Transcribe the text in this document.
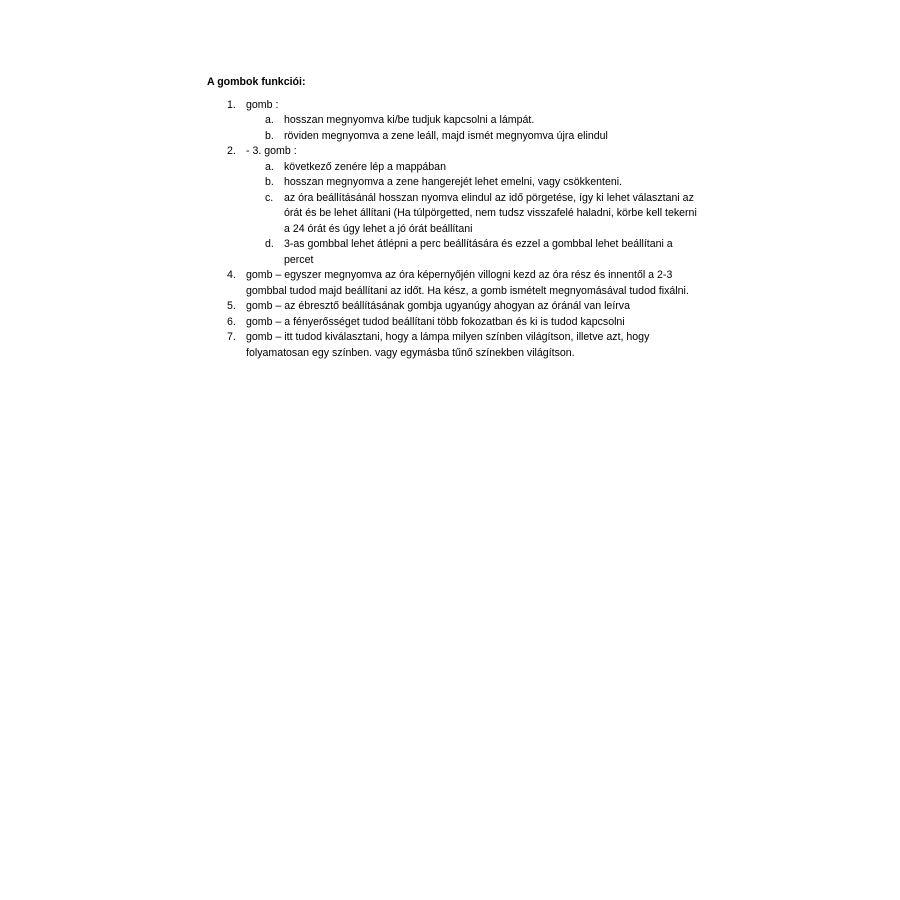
A gombok funkciói:
1. gomb :
a. hosszan megnyomva ki/be tudjuk kapcsolni a lámpát.
b. röviden megnyomva a zene leáll, majd ismét megnyomva újra elindul
2. - 3. gomb :
a. következő zenére lép a mappában
b. hosszan megnyomva a zene hangerejét lehet emelni, vagy csökkenteni.
c. az óra beállításánál hosszan nyomva elindul az idő pörgetése, így ki lehet választani az órát és be lehet állítani (Ha túlpörgetted, nem tudsz visszafelé haladni, körbe kell tekerni a 24 órát és úgy lehet a jó órát beállítani
d. 3-as gombbal lehet átlépni a perc beállítására és ezzel a gombbal lehet beállítani a percet
4. gomb – egyszer megnyomva az óra képernyőjén villogni kezd az óra rész és innentől a 2-3 gombbal tudod majd beállítani az időt. Ha kész, a gomb ismételt megnyomásával tudod fixálni.
5. gomb – az ébresztő beállításának gombja ugyanúgy ahogyan az óránál van leírva
6. gomb – a fényerősséget tudod beállítani több fokozatban és ki is tudod kapcsolni
7. gomb – itt tudod kiválasztani, hogy a lámpa milyen színben világítson, illetve azt, hogy folyamatosan egy színben. vagy egymásba tűnő színekben világítson.
